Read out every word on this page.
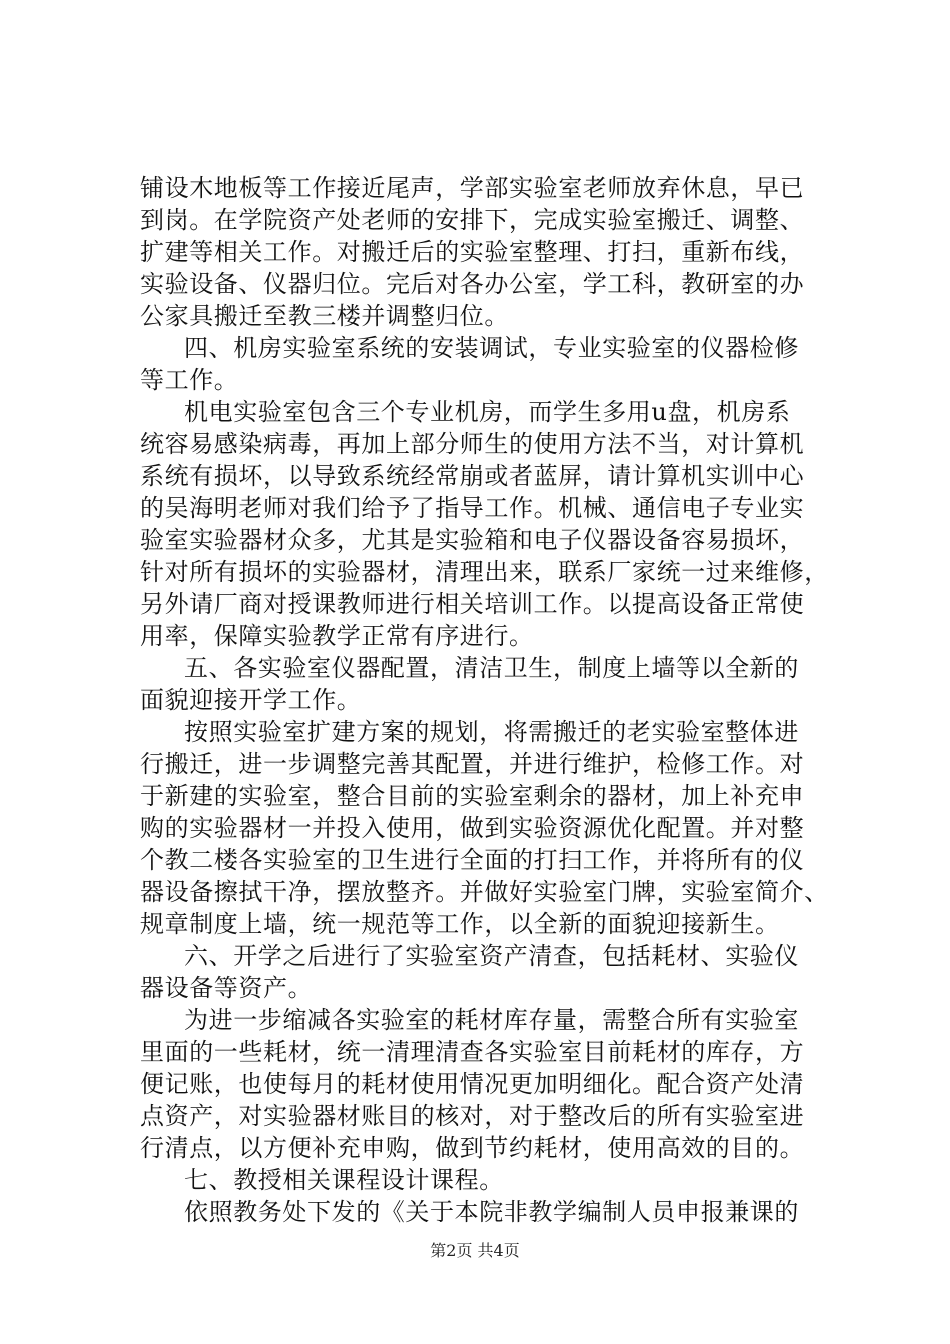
铺设木地板等工作接近尾声，学部实验室老师放弃休息，早已
到岗。在学院资产处老师的安排下，完成实验室搬迁、调整、
扩建等相关工作。对搬迁后的实验室整理、打扫，重新布线，
实验设备、仪器归位。完后对各办公室，学工科，教研室的办
公家具搬迁至教三楼并调整归位。
四、机房实验室系统的安装调试，专业实验室的仪器检修
等工作。
机电实验室包含三个专业机房，而学生多用u盘，机房系
统容易感染病毒，再加上部分师生的使用方法不当，对计算机
系统有损坏，以导致系统经常崩或者蓝屏，请计算机实训中心
的吴海明老师对我们给予了指导工作。机械、通信电子专业实
验室实验器材众多，尤其是实验箱和电子仪器设备容易损坏，
针对所有损坏的实验器材，清理出来，联系厂家统一过来维修，
另外请厂商对授课教师进行相关培训工作。以提高设备正常使
用率，保障实验教学正常有序进行。
五、各实验室仪器配置，清洁卫生，制度上墙等以全新的
面貌迎接开学工作。
按照实验室扩建方案的规划，将需搬迁的老实验室整体进
行搬迁，进一步调整完善其配置，并进行维护，检修工作。对
于新建的实验室，整合目前的实验室剩余的器材，加上补充申
购的实验器材一并投入使用，做到实验资源优化配置。并对整
个教二楼各实验室的卫生进行全面的打扫工作，并将所有的仪
器设备擦拭干净，摆放整齐。并做好实验室门牌，实验室简介、
规章制度上墙，统一规范等工作，以全新的面貌迎接新生。
六、开学之后进行了实验室资产清查，包括耗材、实验仪
器设备等资产。
为进一步缩减各实验室的耗材库存量，需整合所有实验室
里面的一些耗材，统一清理清查各实验室目前耗材的库存，方
便记账，也使每月的耗材使用情况更加明细化。配合资产处清
点资产，对实验器材账目的核对，对于整改后的所有实验室进
行清点，以方便补充申购，做到节约耗材，使用高效的目的。
七、教授相关课程设计课程。
依照教务处下发的《关于本院非教学编制人员申报兼课的
第2页 共4页
